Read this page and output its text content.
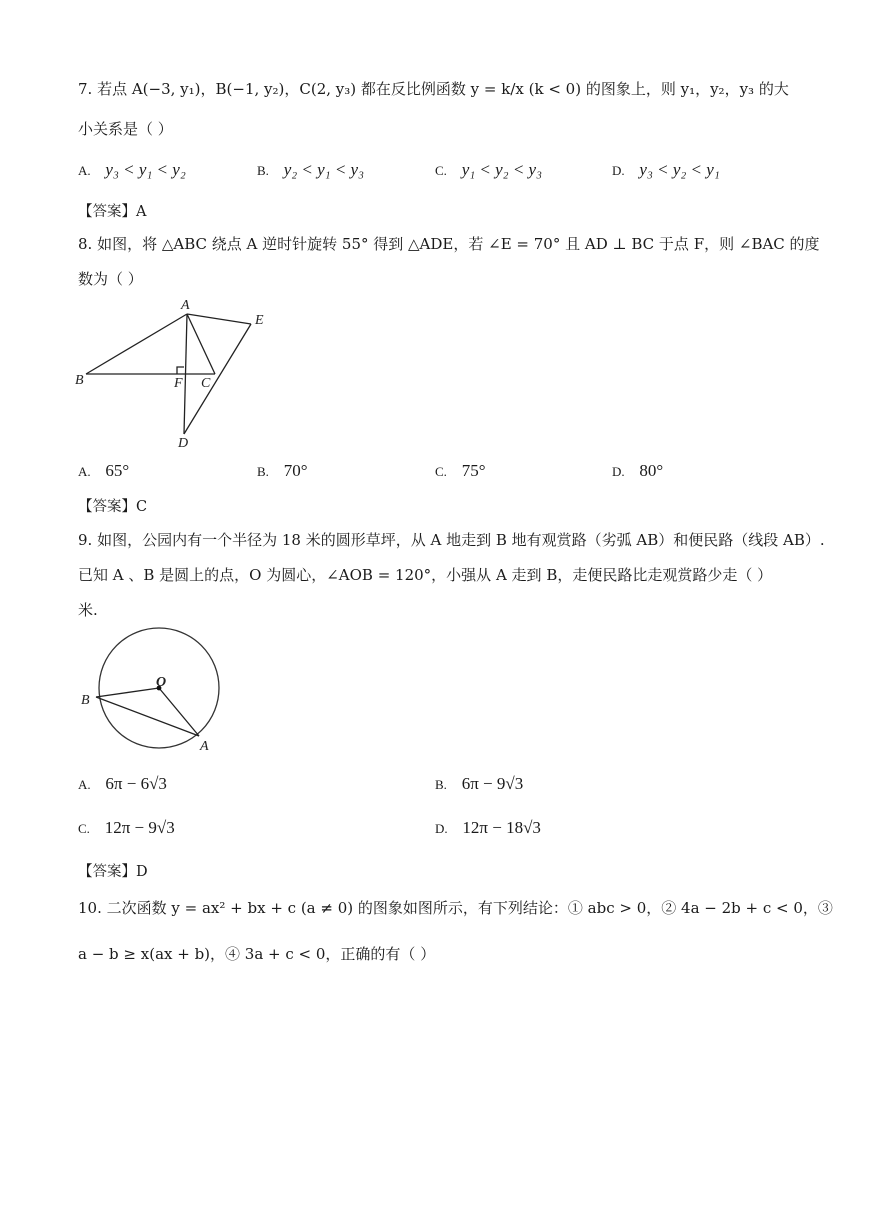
7. 若点 A(−3, y₁)，B(−1, y₂)，C(2, y₃) 都在反比例函数 y = k/x (k < 0) 的图象上，则 y₁，y₂，y₃ 的大
小关系是（ ）
A. y₃ < y₁ < y₂	B. y₂ < y₁ < y₃	C. y₁ < y₂ < y₃	D. y₃ < y₂ < y₁
【答案】A
8. 如图，将 △ABC 绕点 A 逆时针旋转 55° 得到 △ADE，若 ∠E = 70° 且 AD ⊥ BC 于点 F，则 ∠BAC 的度
数为（ ）
A
E
B	F C
D
A. 65°	B. 70°	C. 75°	D. 80°
【答案】C
9. 如图，公园内有一个半径为 18 米的圆形草坪，从 A 地走到 B 地有观赏路（劣弧 AB）和便民路（线段 AB）.
已知 A 、B 是圆上的点，O 为圆心，∠AOB = 120°，小强从 A 走到 B，走便民路比走观赏路少走（ ）
米.
O
B
A
A. 6π − 6√3	B. 6π − 9√3
C. 12π − 9√3	D. 12π − 18√3
【答案】D
10. 二次函数 y = ax² + bx + c (a ≠ 0) 的图象如图所示，有下列结论：① abc > 0，② 4a − 2b + c < 0，③
a − b ≥ x(ax + b)，④ 3a + c < 0，正确的有（ ）
